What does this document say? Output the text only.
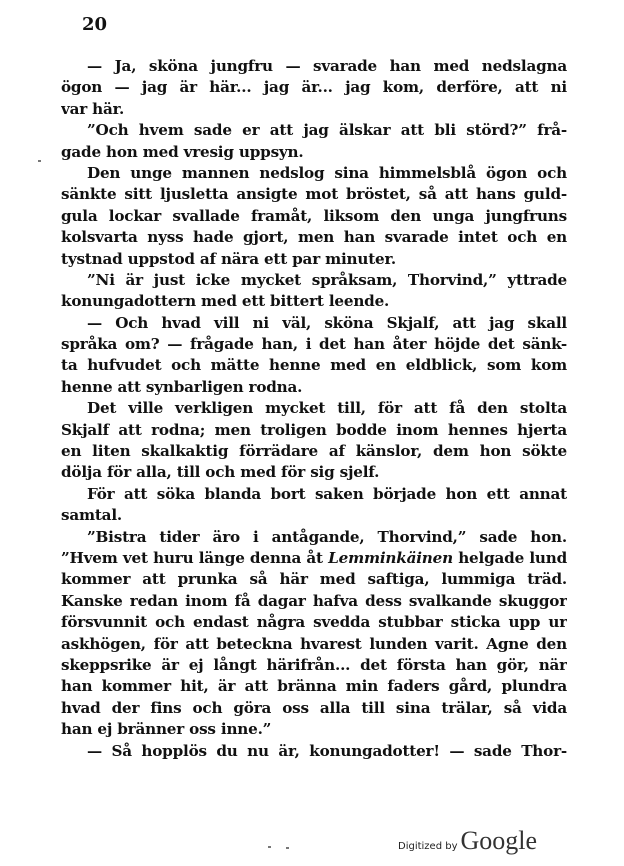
20
— Ja, sköna jungfru — svarade han med nedslagna
ögon — jag är här... jag är... jag kom, derföre, att ni
var här.
”Och hvem sade er att jag älskar att bli störd?” frå-
gade hon med vresig uppsyn.
Den unge mannen nedslog sina himmelsblå ögon och
sänkte sitt ljusletta ansigte mot bröstet, så att hans guld-
gula lockar svallade framåt, liksom den unga jungfruns
kolsvarta nyss hade gjort, men han svarade intet och en
tystnad uppstod af nära ett par minuter.
”Ni är just icke mycket språksam, Thorvind,” yttrade
konungadottern med ett bittert leende.
— Och hvad vill ni väl, sköna Skjalf, att jag skall
språka om? — frågade han, i det han åter höjde det sänk-
ta hufvudet och mätte henne med en eldblick, som kom
henne att synbarligen rodna.
Det ville verkligen mycket till, för att få den stolta
Skjalf att rodna; men troligen bodde inom hennes hjerta
en liten skalkaktig förrädare af känslor, dem hon sökte
dölja för alla, till och med för sig sjelf.
För att söka blanda bort saken började hon ett annat
samtal.
”Bistra tider äro i antågande, Thorvind,” sade hon.
”Hvem vet huru länge denna åt Lemminkäinen helgade lund
kommer att prunka så här med saftiga, lummiga träd.
Kanske redan inom få dagar hafva dess svalkande skuggor
försvunnit och endast några svedda stubbar sticka upp ur
askhögen, för att beteckna hvarest lunden varit. Agne den
skeppsrike är ej långt härifrån... det första han gör, när
han kommer hit, är att bränna min faders gård, plundra
hvad der fins och göra oss alla till sina trälar, så vida
han ej bränner oss inne.”
— Så hopplös du nu är, konungadotter! — sade Thor-
Digitized by Google
